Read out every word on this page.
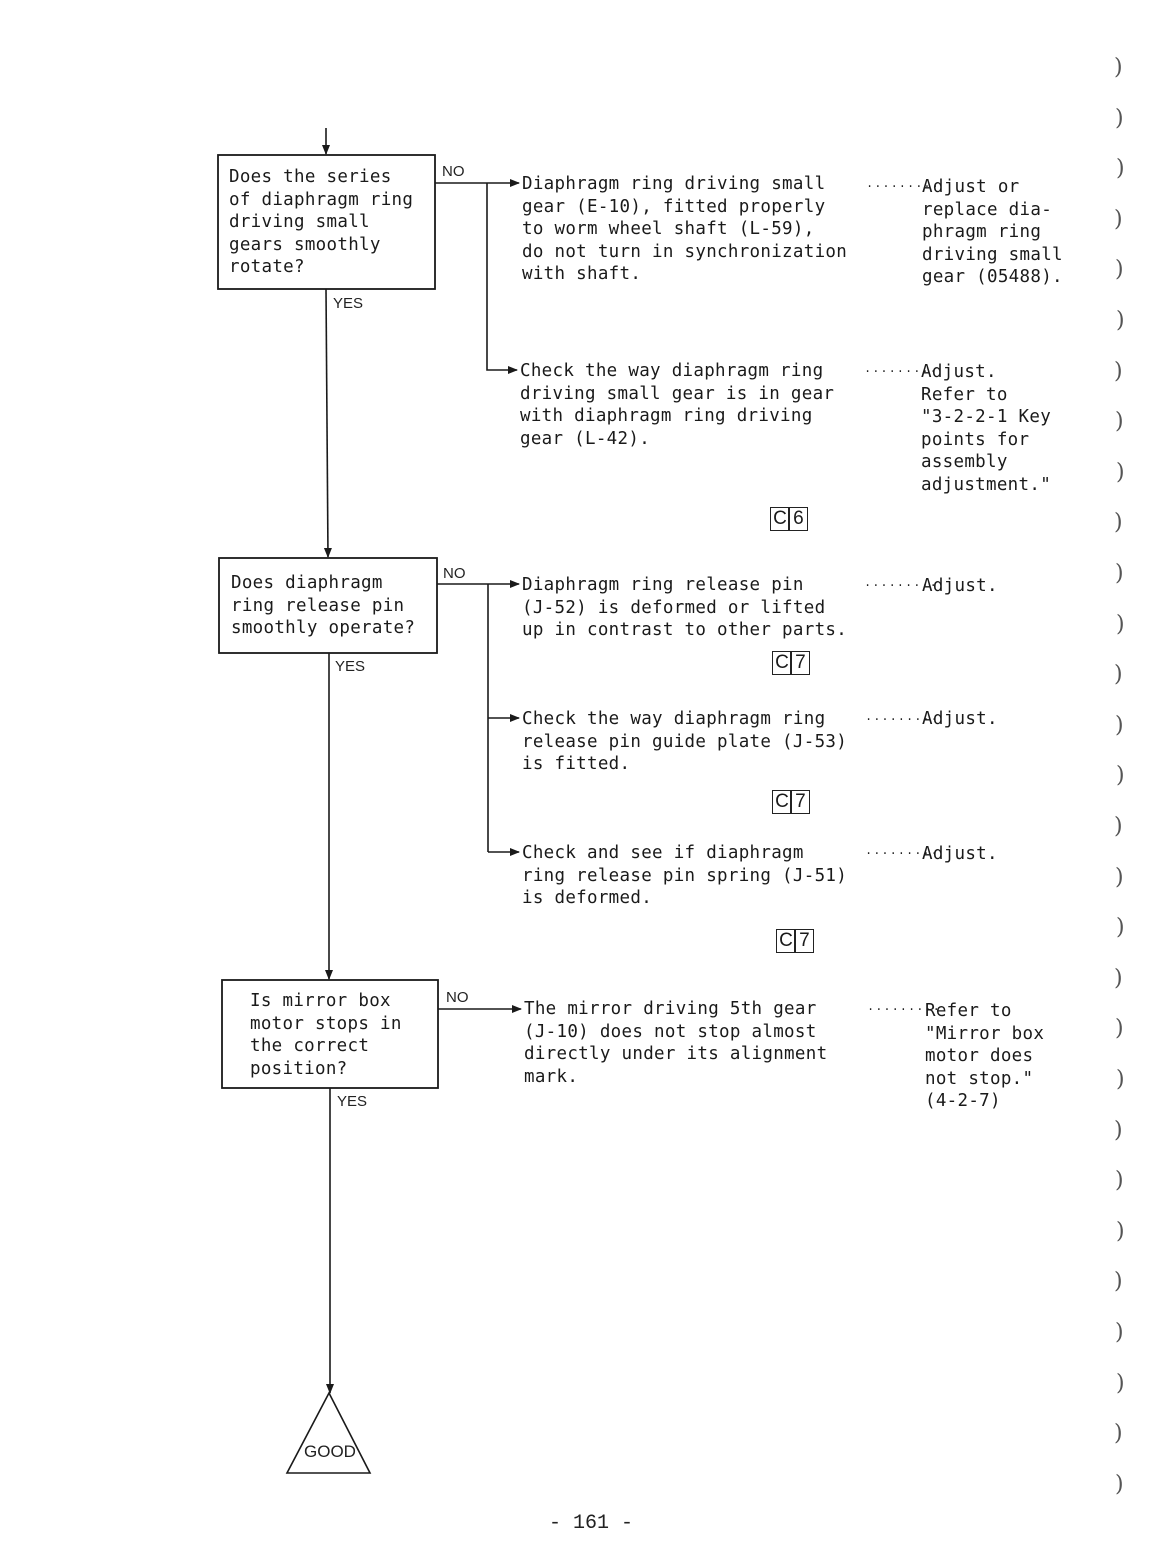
Does the series
of diaphragm ring
driving small
gears smoothly
rotate?
Does diaphragm
ring release pin
smoothly operate?
Is mirror box
motor stops in
the correct
position?
NO
YES
NO
YES
NO
YES
Diaphragm ring driving small
gear (E-10), fitted properly
to worm wheel shaft (L-59),
do not turn in synchronization
with shaft.
Check the way diaphragm ring
driving small gear is in gear
with diaphragm ring driving
gear (L-42).
Diaphragm ring release pin
(J-52) is deformed or lifted
up in contrast to other parts.
Check the way diaphragm ring
release pin guide plate (J-53)
is fitted.
Check and see if diaphragm
ring release pin spring (J-51)
is deformed.
The mirror driving 5th gear
(J-10) does not stop almost
directly under its alignment
mark.
.........
.........
.........
.........
.........
.........
Adjust or
replace dia-
phragm ring
driving small
gear (05488).
Adjust.
Refer to
"3-2-2-1 Key
points for
assembly
adjustment."
Adjust.
Adjust.
Adjust.
Refer to
"Mirror box
motor does
not stop."
(4-2-7)
C 6
C 7
C 7
C 7
GOOD
- 161 -
)
)
)
)
)
)
)
)
)
)
)
)
)
)
)
)
)
)
)
)
)
)
)
)
)
)
)
)
)
